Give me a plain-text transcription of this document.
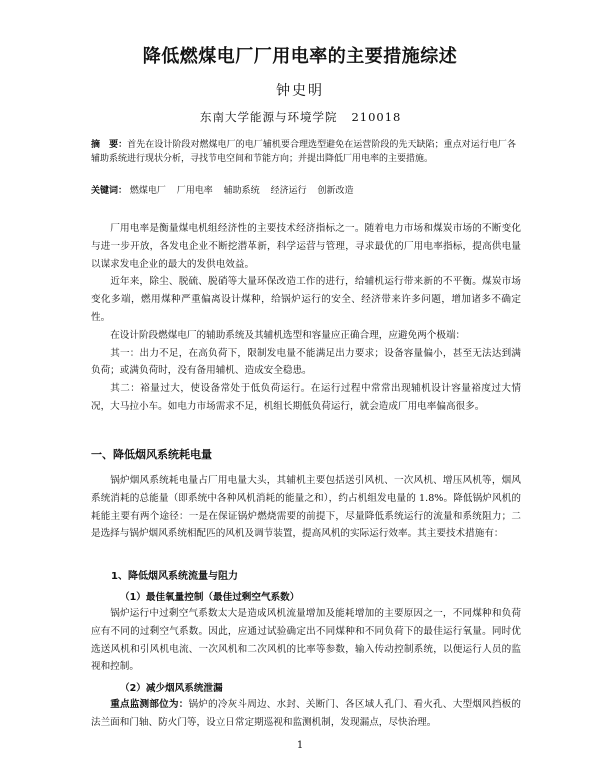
降低燃煤电厂厂用电率的主要措施综述
钟史明
东南大学能源与环境学院 210018
摘　要：首先在设计阶段对燃煤电厂的电厂辅机要合理选型避免在运营阶段的先天缺陷；重点对运行电厂各辅助系统进行现状分析，寻找节电空间和节能方向；并提出降低厂用电率的主要措施。
关键词： 燃煤电厂 厂用电率 辅助系统 经济运行 创新改造
厂用电率是衡量煤电机组经济性的主要技术经济指标之一。随着电力市场和煤炭市场的不断变化与进一步开放，各发电企业不断挖潜革新，科学运营与管理，寻求最优的厂用电率指标，提高供电量以谋求发电企业的最大的发供电效益。
近年来，除尘、脱硫、脱硝等大量环保改造工作的进行，给辅机运行带来新的不平衡。煤炭市场变化多端，燃用煤种严重偏离设计煤种，给锅炉运行的安全、经济带来许多问题，增加诸多不确定性。
在设计阶段燃煤电厂的辅助系统及其辅机选型和容量应正确合理，应避免两个极端：
其一：出力不足，在高负荷下，限制发电量不能满足出力要求；设备容量偏小，甚至无法达到满负荷；或满负荷时，没有备用辅机、造成安全稳患。
其二：裕量过大，使设备常处于低负荷运行。在运行过程中常常出现辅机设计容量裕度过大情况，大马拉小车。如电力市场需求不足，机组长期低负荷运行，就会造成厂用电率偏高很多。
一、降低烟风系统耗电量
锅炉烟风系统耗电量占厂用电量大头，其辅机主要包括送引风机、一次风机、增压风机等，烟风系统消耗的总能量（即系统中各种风机消耗的能量之和），约占机组发电量的 1.8%。降低锅炉风机的耗能主要有两个途径：一是在保证锅炉燃烧需要的前提下，尽量降低系统运行的流量和系统阻力；二是选择与锅炉烟风系统相配匹的风机及调节装置，提高风机的实际运行效率。其主要技术措施有：
1、降低烟风系统流量与阻力
（1）最佳氧量控制（最佳过剩空气系数）
锅炉运行中过剩空气系数太大是造成风机流量增加及能耗增加的主要原因之一，不同煤种和负荷应有不同的过剩空气系数。因此，应通过试验确定出不同煤种和不同负荷下的最佳运行氧量。同时优选送风机和引风机电流、一次风机和二次风机的比率等参数，输入传动控制系统，以便运行人员的监视和控制。
（2）减少烟风系统泄漏
重点监测部位为：锅炉的冷灰斗周边、水封、关断门、各区域人孔门、看火孔、大型烟风挡板的法兰面和门轴、防火门等，设立日常定期巡视和监测机制，发现漏点，尽快治理。
1
